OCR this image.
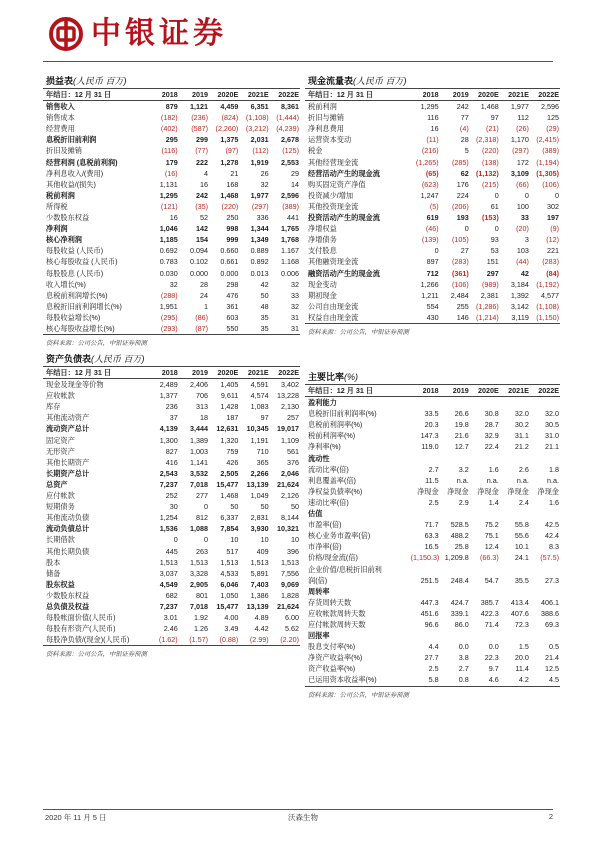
中银证券
损益表(人民币 百万)
年结日：12 月 31 日	2018	2019	2020E	2021E	2022E
销售收入	879	1,121	4,459	6,351	8,361
销售成本	(182)	(236)	(824)	(1,108)	(1,444)
经营费用	(402)	(587)	(2,260)	(3,212)	(4,239)
息税折旧前利润	295	299	1,375	2,031	2,678
折旧及摊销	(116)	(77)	(97)	(112)	(125)
经营利润 (息税前利润)	179	222	1,278	1,919	2,553
净利息收入/(费用)	(16)	4	21	26	29
其他收益/(损失)	1,131	16	168	32	14
税前利润	1,295	242	1,468	1,977	2,596
所得税	(121)	(35)	(220)	(297)	(389)
少数股东权益	16	52	250	336	441
净利润	1,046	142	998	1,344	1,765
核心净利润	1,185	154	999	1,349	1,768
每股收益 (人民币)	0.692	0.094	0.660	0.889	1.167
核心每股收益 (人民币)	0.783	0.102	0.661	0.892	1.168
每股股息 (人民币)	0.030	0.000	0.000	0.013	0.006
收入增长(%)	32	28	298	42	32
息税前利润增长(%)	(288)	24	476	50	33
息税折旧前利润增长(%)	1,951	1	361	48	32
每股收益增长(%)	(295)	(86)	603	35	31
核心每股收益增长(%)	(293)	(87)	550	35	31
资料来源：公司公告，中银证券预测
现金流量表(人民币 百万)
年结日：12 月 31 日	2018	2019	2020E	2021E	2022E
税前利润	1,295	242	1,468	1,977	2,596
折旧与摊销	116	77	97	112	125
净利息费用	16	(4)	(21)	(26)	(29)
运营资本变动	(11)	28	(2,318)	1,170	(2,415)
税金	(216)	5	(220)	(297)	(389)
其他经营现金流	(1,265)	(285)	(138)	172	(1,194)
经营活动产生的现金流	(65)	62	(1,132)	3,109	(1,305)
购买固定资产净值	(623)	176	(215)	(66)	(106)
投资减少/增加	1,247	224	0	0	0
其他投资现金流	(5)	(206)	61	100	302
投资活动产生的现金流	619	193	(153)	33	197
净增权益	(46)	0	0	(20)	(9)
净增债务	(139)	(105)	93	3	(12)
支付股息	0	27	53	103	221
其他融资现金流	897	(283)	151	(44)	(283)
融资活动产生的现金流	712	(361)	297	42	(84)
现金变动	1,266	(106)	(989)	3,184	(1,192)
期初现金	1,211	2,484	2,381	1,392	4,577
公司自由现金流	554	255	(1,286)	3,142	(1,108)
权益自由现金流	430	146	(1,214)	3,119	(1,150)
资料来源：公司公告，中银证券预测
资产负债表(人民币 百万)
年结日：12 月 31 日	2018	2019	2020E	2021E	2022E
现金及现金等价物	2,489	2,406	1,405	4,591	3,402
应收帐款	1,377	706	9,611	4,574	13,228
库存	236	313	1,428	1,083	2,130
其他流动资产	37	18	187	97	257
流动资产总计	4,139	3,444	12,631	10,345	19,017
固定资产	1,300	1,389	1,320	1,191	1,109
无形资产	827	1,003	759	710	561
其他长期资产	416	1,141	426	365	376
长期资产总计	2,543	3,532	2,505	2,266	2,046
总资产	7,237	7,018	15,477	13,139	21,624
应付帐款	252	277	1,468	1,049	2,126
短期债务	30	0	50	50	50
其他流动负债	1,254	812	6,337	2,831	8,144
流动负债总计	1,536	1,088	7,854	3,930	10,321
长期借款	0	0	10	10	10
其他长期负债	445	263	517	409	396
股本	1,513	1,513	1,513	1,513	1,513
储备	3,037	3,328	4,533	5,891	7,556
股东权益	4,549	2,905	6,046	7,403	9,069
少数股东权益	682	801	1,050	1,386	1,828
总负债及权益	7,237	7,018	15,477	13,139	21,624
每股帐面价值(人民币)	3.01	1.92	4.00	4.89	6.00
每股有形资产(人民币)	2.46	1.26	3.49	4.42	5.62
每股净负债/(现金)(人民币)	(1.62)	(1.57)	(0.88)	(2.99)	(2.20)
资料来源：公司公告，中银证券预测
主要比率(%)
年结日：12 月 31 日	2018	2019	2020E	2021E	2022E
盈利能力					
息税折旧前利润率(%)	33.5	26.6	30.8	32.0	32.0
息税前利润率(%)	20.3	19.8	28.7	30.2	30.5
税前利润率(%)	147.3	21.6	32.9	31.1	31.0
净利率(%)	119.0	12.7	22.4	21.2	21.1
流动性					
流动比率(倍)	2.7	3.2	1.6	2.6	1.8
利息覆盖率(倍)	11.5	n.a.	n.a.	n.a.	n.a.
净权益负债率(%)	净现金	净现金	净现金	净现金	净现金
速动比率(倍)	2.5	2.9	1.4	2.4	1.6
估值					
市盈率(倍)	71.7	528.5	75.2	55.8	42.5
核心业务市盈率(倍)	63.3	488.2	75.1	55.6	42.4
市净率(倍)	16.5	25.8	12.4	10.1	8.3
价格/现金流(倍)	(1,150.3)	1,209.8	(66.3)	24.1	(57.5)
企业价值/息税折旧前利					
润(倍)	251.5	248.4	54.7	35.5	27.3
周转率					
存货周转天数	447.3	424.7	385.7	413.4	406.1
应收帐款周转天数	451.6	339.1	422.3	407.6	388.6
应付帐款周转天数	96.6	86.0	71.4	72.3	69.3
回报率					
股息支付率(%)	4.4	0.0	0.0	1.5	0.5
净资产收益率(%)	27.7	3.8	22.3	20.0	21.4
资产收益率(%)	2.5	2.7	9.7	11.4	12.5
已运用资本收益率(%)	5.8	0.8	4.6	4.2	4.5
资料来源：公司公告，中银证券预测
2020 年 11 月 5 日	沃森生物	2
